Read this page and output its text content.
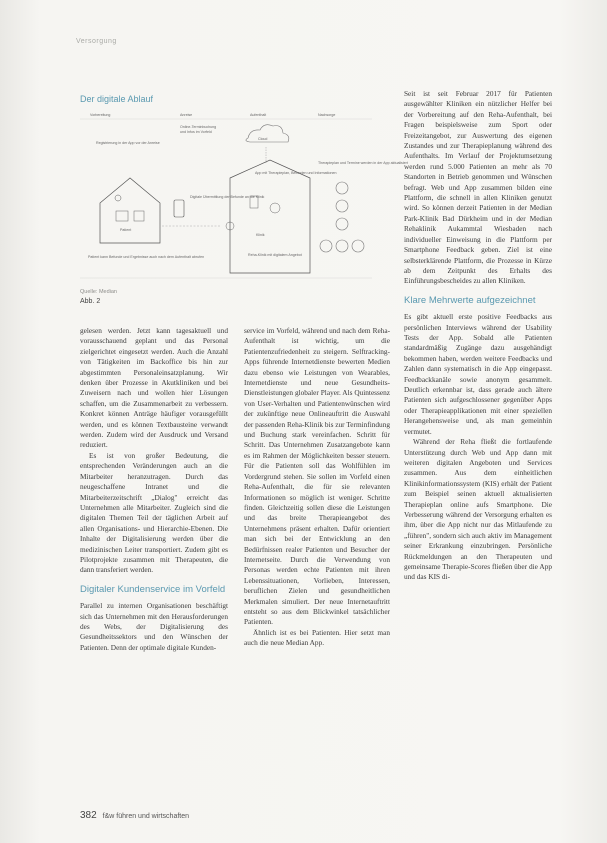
Versorgung
Der digitale Ablauf
Vorbereitung	Anreise	Aufenthalt	Nachsorge
Online-Terminbuchung
und Infos im Vorfeld
Cloud
Registrierung in der App vor der Anreise
Patient
Patient kann Befunde und Ergebnisse auch nach dem Aufenthalt abrufen
Digitale Übermittlung der Befunde an die Klinik
App mit Therapieplan, Befunden und Informationen
Klinik
Reha-Klinik mit digitalem Angebot
Therapieplan und Termine werden in der App aktualisiert
Quelle: Median
Abb. 2

gelesen werden. Jetzt kann tagesaktuell und vorausschauend geplant und das Personal zielgerichtet eingesetzt werden. Auch die Anzahl von Tätigkeiten im Backoffice bis hin zur abgestimmten Personaleinsatzplanung. Wir denken über Prozesse in Akutkliniken und bei Zuweisern nach und wollen hier Lösungen schaffen, um die Zusammenarbeit zu verbessern. Konkret können Anträge häufiger vorausgefüllt werden, und es können Textbausteine verwandt werden. Zudem wird der Ausdruck und Versand reduziert.

Es ist von großer Bedeutung, die entsprechenden Veränderungen auch an die Mitarbeiter heranzutragen. Durch das neugeschaffene Intranet und die Mitarbeiterzeitschrift „Dialog" erreicht das Unternehmen alle Mitarbeiter. Zugleich sind die digitalen Themen Teil der täglichen Arbeit auf allen Organisations- und Hierarchie-Ebenen. Die Inhalte der Digitalisierung werden über die medizinischen Leiter transportiert. Zudem gibt es Pilotprojekte zusammen mit Therapeuten, die dann transferiert werden.

Digitaler Kundenservice im Vorfeld

Parallel zu internen Organisationen beschäftigt sich das Unternehmen mit den Herausforderungen des Webs, der Digitalisierung des Gesundheitssektors und den Wünschen der Patienten. Denn der optimale digitale Kunden-

service im Vorfeld, während und nach dem Reha-Aufenthalt ist wichtig, um die Patientenzufriedenheit zu steigern. Selftracking-Apps führende Internetdienste bewerten Medien dazu ebenso wie Leistungen von Wearables, Internetdienste und neue Gesundheits-Dienstleistungen globaler Player. Als Quintessenz von User-Verhalten und Patientenwünschen wird der zukünftige neue Onlineauftritt die Auswahl der passenden Reha-Klinik bis zur Terminfindung und Buchung stark vereinfachen. Schritt für Schritt. Das Unternehmen Zusatzangebote kann es im Rahmen der Möglichkeiten besser steuern. Für die Patienten soll das Wohlfühlen im Vordergrund stehen. Sie sollen im Vorfeld einen Reha-Aufenthalt, die für sie relevanten Informationen so möglich ist weniger. Schritte finden. Gleichzeitig sollen diese die Leistungen und das breite Therapieangebot des Unternehmens präsent erhalten. Dafür orientiert man sich bei der Entwicklung an den Bedürfnissen realer Patienten und Besucher der Internetseite. Durch die Verwendung von Personas werden echte Patienten mit ihren Lebenssituationen, Vorlieben, Interessen, beruflichen Zielen und gesundheitlichen Merkmalen simuliert. Der neue Internetauftritt entsteht so aus dem Blickwinkel tatsächlicher Patienten.

Ähnlich ist es bei Patienten. Hier setzt man auch die neue Median App.

Seit ist seit Februar 2017 für Patienten ausgewählter Kliniken ein nützlicher Helfer bei der Vorbereitung auf den Reha-Aufenthalt, bei Fragen beispielsweise zum Sport oder Freizeitangebot, zur Auswertung des eigenen Zustandes und zur Therapieplanung während des Aufenthalts. Im Verlauf der Projektumsetzung werden rund 5.000 Patienten an mehr als 70 Standorten in Betrieb genommen und Wünschen befragt. Web und App zusammen bilden eine Plattform, die schnell in allen Kliniken genutzt wird. So können derzeit Patienten in der Median Park-Klinik Bad Dürkheim und in der Median Rehaklinik Aukammtal Wiesbaden nach individueller Einweisung in die Plattform per Smartphone Feedback geben. Ziel ist eine selbsterklärende Plattform, die Prozesse in Kürze ab dem Zeitpunkt des Erhalts des Einführungsbescheides zu allen Kliniken.

Klare Mehrwerte aufgezeichnet

Es gibt aktuell erste positive Feedbacks aus persönlichen Interviews während der Usability Tests der App. Sobald alle Patienten standardmäßig Zugänge dazu ausgehändigt bekommen haben, werden weitere Feedbacks und Zahlen dann systematisch in die App eingepasst. Feedbackkanäle sowie anonym gesammelt. Deutlich erkennbar ist, dass gerade auch ältere Patienten sich aufgeschlossener gegenüber Apps oder Therapieapplikationen mit einer speziellen Herangehensweise und, als man gemeinhin vermutet.

Während der Reha fließt die fortlaufende Unterstützung durch Web und App dann mit weiteren digitalen Angeboten und Services zusammen. Aus dem einheitlichen Klinikinformationssystem (KIS) erhält der Patient zum Beispiel seinen aktuell aktualisierten Therapieplan online aufs Smartphone. Die Verbesserung während der Versorgung erhalten es ihm, über die App nicht nur das Mitlaufende zu „führen", sondern sich auch aktiv im Management seiner Erkrankung einzubringen. Persönliche Rückmeldungen an den Therapeuten und gemeinsame Therapie-Scores fließen über die App und das KIS di-

382 f&w führen und wirtschaften
